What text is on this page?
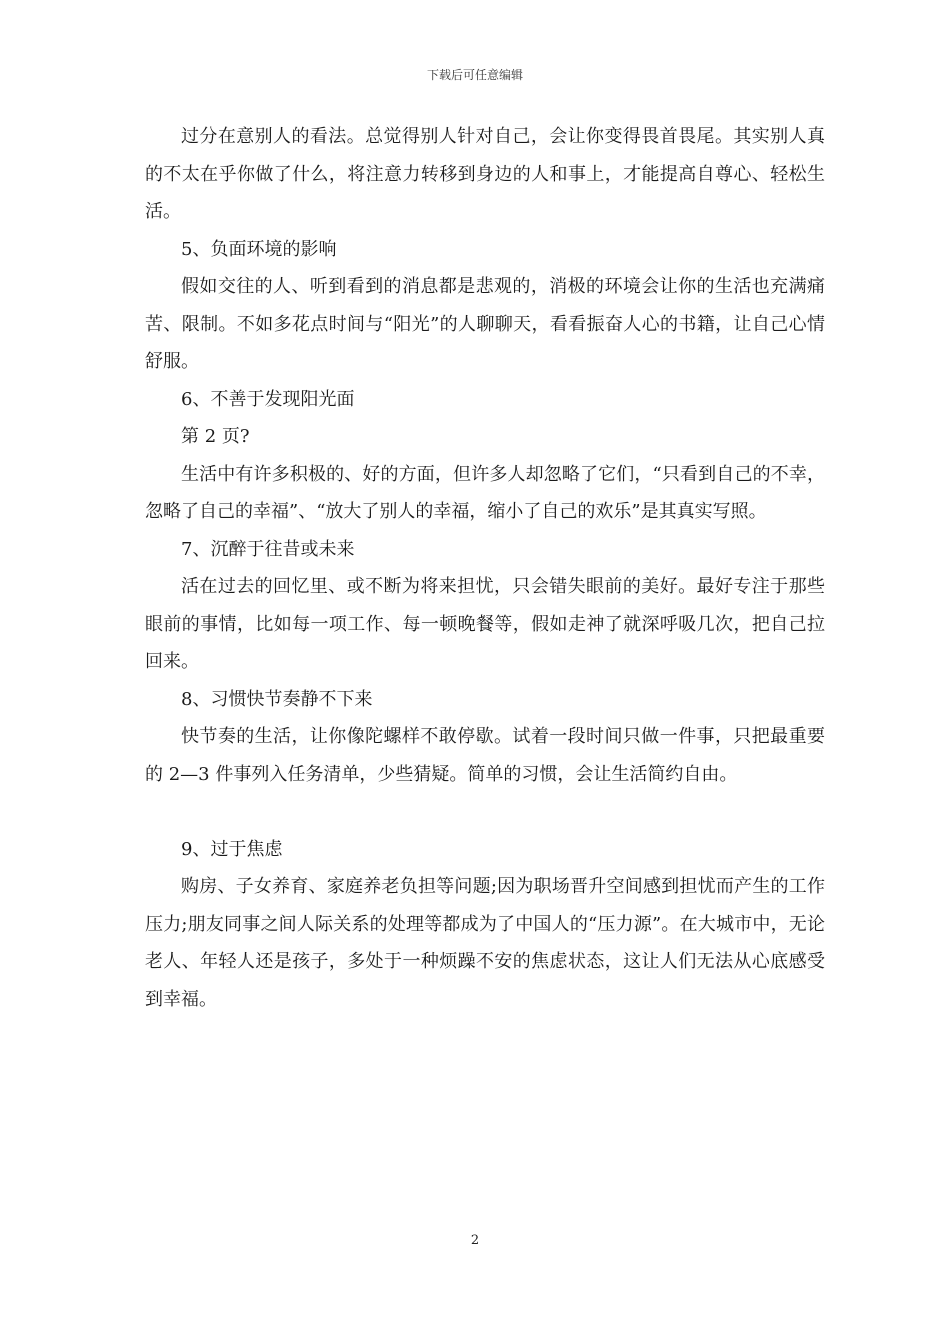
下载后可任意编辑

过分在意别人的看法。总觉得别人针对自己，会让你变得畏首畏尾。其实别人真的不太在乎你做了什么，将注意力转移到身边的人和事上，才能提高自尊心、轻松生活。

5、负面环境的影响

假如交往的人、听到看到的消息都是悲观的，消极的环境会让你的生活也充满痛苦、限制。不如多花点时间与“阳光”的人聊聊天，看看振奋人心的书籍，让自己心情舒服。

6、不善于发现阳光面

第 2 页?

生活中有许多积极的、好的方面，但许多人却忽略了它们，“只看到自己的不幸，忽略了自己的幸福”、“放大了别人的幸福，缩小了自己的欢乐”是其真实写照。

7、沉醉于往昔或未来

活在过去的回忆里、或不断为将来担忧，只会错失眼前的美好。最好专注于那些眼前的事情，比如每一项工作、每一顿晚餐等，假如走神了就深呼吸几次，把自己拉回来。

8、习惯快节奏静不下来

快节奏的生活，让你像陀螺样不敢停歇。试着一段时间只做一件事，只把最重要的 2—3 件事列入任务清单，少些猜疑。简单的习惯，会让生活简约自由。

9、过于焦虑

购房、子女养育、家庭养老负担等问题;因为职场晋升空间感到担忧而产生的工作压力;朋友同事之间人际关系的处理等都成为了中国人的“压力源”。在大城市中，无论老人、年轻人还是孩子，多处于一种烦躁不安的焦虑状态，这让人们无法从心底感受到幸福。

2
